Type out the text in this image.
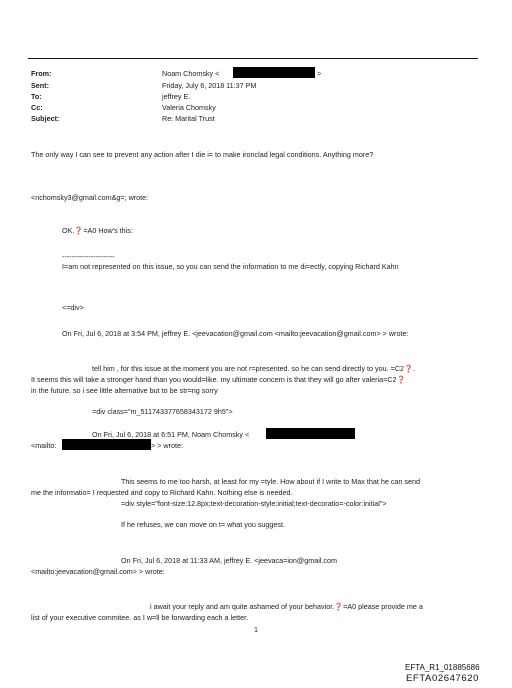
From:	Noam Chomsky <	>
Sent:	Friday, July 6, 2018 11:37 PM
To:	jeffrey E.
Cc:	Valeria Chomsky
Subject:	Re: Marital Trust
The only way I can see to prevent any action after I die i= to make ironclad legal conditions. Anything more?
<nchomsky3@gmail.com&g=; wrote:
OK.❓=A0 How's this:
----------------------
I=am not represented on this issue, so you can send the information to me di=ectly, copying Richard Kahn
<=div>
On Fri, Jul 6, 2018 at 3:54 PM, jeffrey E. <jeevacation@gmail.com <mailto:jeevacation@gmail.com> > wrote:
tell him , for this issue at the moment you are not r=presented. so he can send directly to you. =C2❓.
It seems this will take a stronger hand than you would=like. my ultimate concern is that they will go after valeria=C2❓
in the future. so i see little alternative but to be str=ng sorry
=div class="m_511743377658343172 9h5">
On Fri, Jul 6, 2018 at 6:51 PM, Noam Chomsky <
<mailto:	> > wrote:
This seems to me too harsh, at least for my =tyle. How about if I write to Max that he can send
me the informatio= I requested and copy to Richard Kahn. Nothing else is needed.
=div style="font-size:12.8px;text-decoration-style:initial;text-decoratio=-color:initial">
If he refuses, we can move on t= what you suggest.
On Fri, Jul 6, 2018 at 11:33 AM, jeffrey E. <jeevaca=ion@gmail.com
<mailto:jeevacation@gmail.com> > wrote:
i await your reply and am quite ashamed of your behavior.❓=A0 please provide me a
list of your executive commitee. as I w=ll be forwarding each a letter.
1
EFTA_R1_01885686
EFTA02647620
